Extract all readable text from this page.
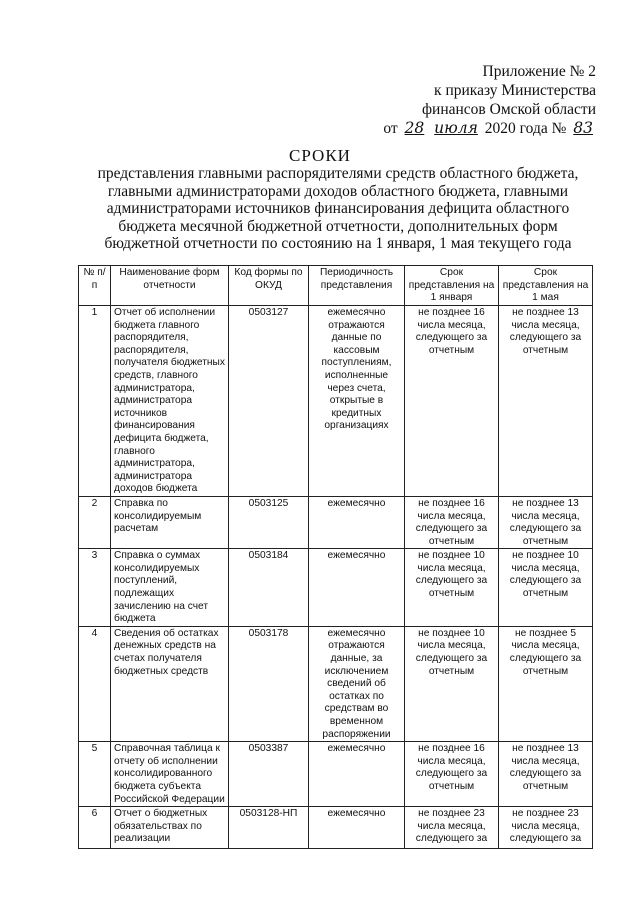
Приложение № 2
к приказу Министерства
финансов Омской области
от 28 июля 2020 года № 83
СРОКИ
представления главными распорядителями средств областного бюджета, главными администраторами доходов областного бюджета, главными администраторами источников финансирования дефицита областного бюджета месячной бюджетной отчетности, дополнительных форм бюджетной отчетности по состоянию на 1 января, 1 мая текущего года
№ п/п	Наименование форм отчетности	Код формы по ОКУД	Периодичность представления	Срок представления на 1 января	Срок представления на 1 мая
1	Отчет об исполнении бюджета главного распорядителя, распорядителя, получателя бюджетных средств, главного администратора, администратора источников финансирования дефицита бюджета, главного администратора, администратора доходов бюджета	0503127	ежемесячно отражаются данные по кассовым поступлениям, исполненные через счета, открытые в кредитных организациях	не позднее 16 числа месяца, следующего за отчетным	не позднее 13 числа месяца, следующего за отчетным
2	Справка по консолидируемым расчетам	0503125	ежемесячно	не позднее 16 числа месяца, следующего за отчетным	не позднее 13 числа месяца, следующего за отчетным
3	Справка о суммах консолидируемых поступлений, подлежащих зачислению на счет бюджета	0503184	ежемесячно	не позднее 10 числа месяца, следующего за отчетным	не позднее 10 числа месяца, следующего за отчетным
4	Сведения об остатках денежных средств на счетах получателя бюджетных средств	0503178	ежемесячно отражаются данные, за исключением сведений об остатках по средствам во временном распоряжении	не позднее 10 числа месяца, следующего за отчетным	не позднее 5 числа месяца, следующего за отчетным
5	Справочная таблица к отчету об исполнении консолидированного бюджета субъекта Российской Федерации	0503387	ежемесячно	не позднее 16 числа месяца, следующего за отчетным	не позднее 13 числа месяца, следующего за отчетным
6	Отчет о бюджетных обязательствах по реализации	0503128-НП	ежемесячно	не позднее 23 числа месяца, следующего за	не позднее 23 числа месяца, следующего за
